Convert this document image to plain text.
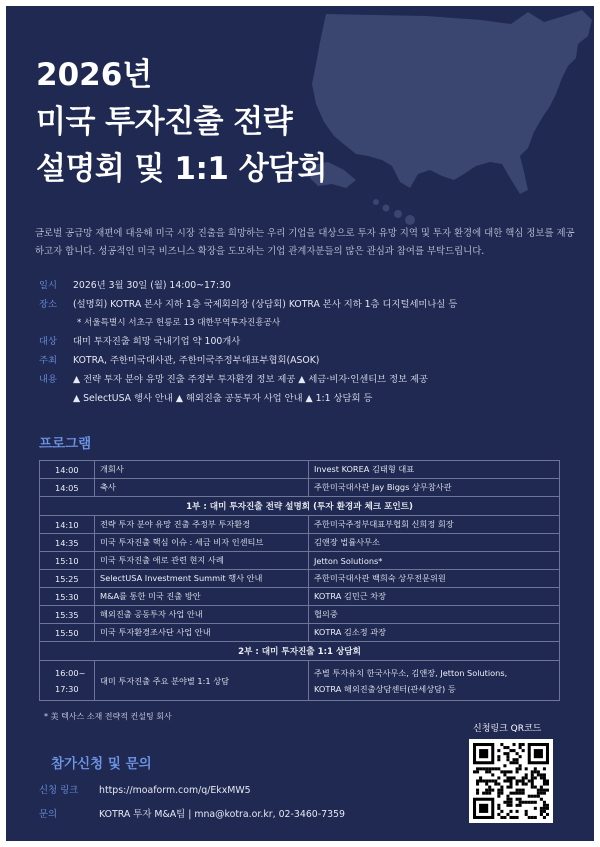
2026년
미국 투자진출 전략
설명회 및 1:1 상담회

글로벌 공급망 재편에 대응해 미국 시장 진출을 희망하는 우리 기업을 대상으로 투자 유망 지역 및 투자 환경에 대한 핵심 정보를 제공하고자 합니다. 성공적인 미국 비즈니스 확장을 도모하는 기업 관계자분들의 많은 관심과 참여를 부탁드립니다.

일시	2026년 3월 30일 (월) 14:00~17:30
장소	(설명회) KOTRA 본사 지하 1층 국제회의장 (상담회) KOTRA 본사 지하 1층 디지털세미나실 등
* 서울특별시 서초구 헌릉로 13 대한무역투자진흥공사
대상	대미 투자진출 희망 국내기업 약 100개사
주최	KOTRA, 주한미국대사관, 주한미국주정부대표부협회(ASOK)
내용	▲ 전략 투자 분야 유망 진출 주정부 투자환경 정보 제공 ▲ 세금·비자·인센티브 정보 제공
▲ SelectUSA 행사 안내 ▲ 해외진출 공동투자 사업 안내 ▲ 1:1 상담회 등
프로그램
14:00	개회사	Invest KOREA 김태형 대표
14:05	축사	주한미국대사관 Jay Biggs 상무참사관
1부 : 대미 투자진출 전략 설명회 (투자 환경과 체크 포인트)		
14:10	전략 투자 분야 유망 진출 주정부 투자환경	주한미국주정부대표부협회 신희정 회장
14:35	미국 투자진출 핵심 이슈 : 세금 비자 인센티브	김앤장 법률사무소
15:10	미국 투자진출 애로 관련 현지 사례	Jetton Solutions*
15:25	SelectUSA Investment Summit 행사 안내	주한미국대사관 백희숙 상무전문위원
15:30	M&A를 통한 미국 진출 방안	KOTRA 김민근 차장
15:35	해외진출 공동투자 사업 안내	협의중
15:50	미국 투자환경조사단 사업 안내	KOTRA 김소정 과장
2부 : 대미 투자진출 1:1 상담회		
16:00~
17:30	대미 투자진출 주요 분야별 1:1 상담	주별 투자유치 한국사무소, 김앤장, Jetton Solutions,
KOTRA 해외진출상담센터(관세상담) 등
* 美 텍사스 소재 전략적 컨설팅 회사
참가신청 및 문의
신청 링크	https://moaform.com/q/EkxMW5
문의	KOTRA 투자 M&A팀 | mna@kotra.or.kr, 02-3460-7359
신청링크 QR코드
